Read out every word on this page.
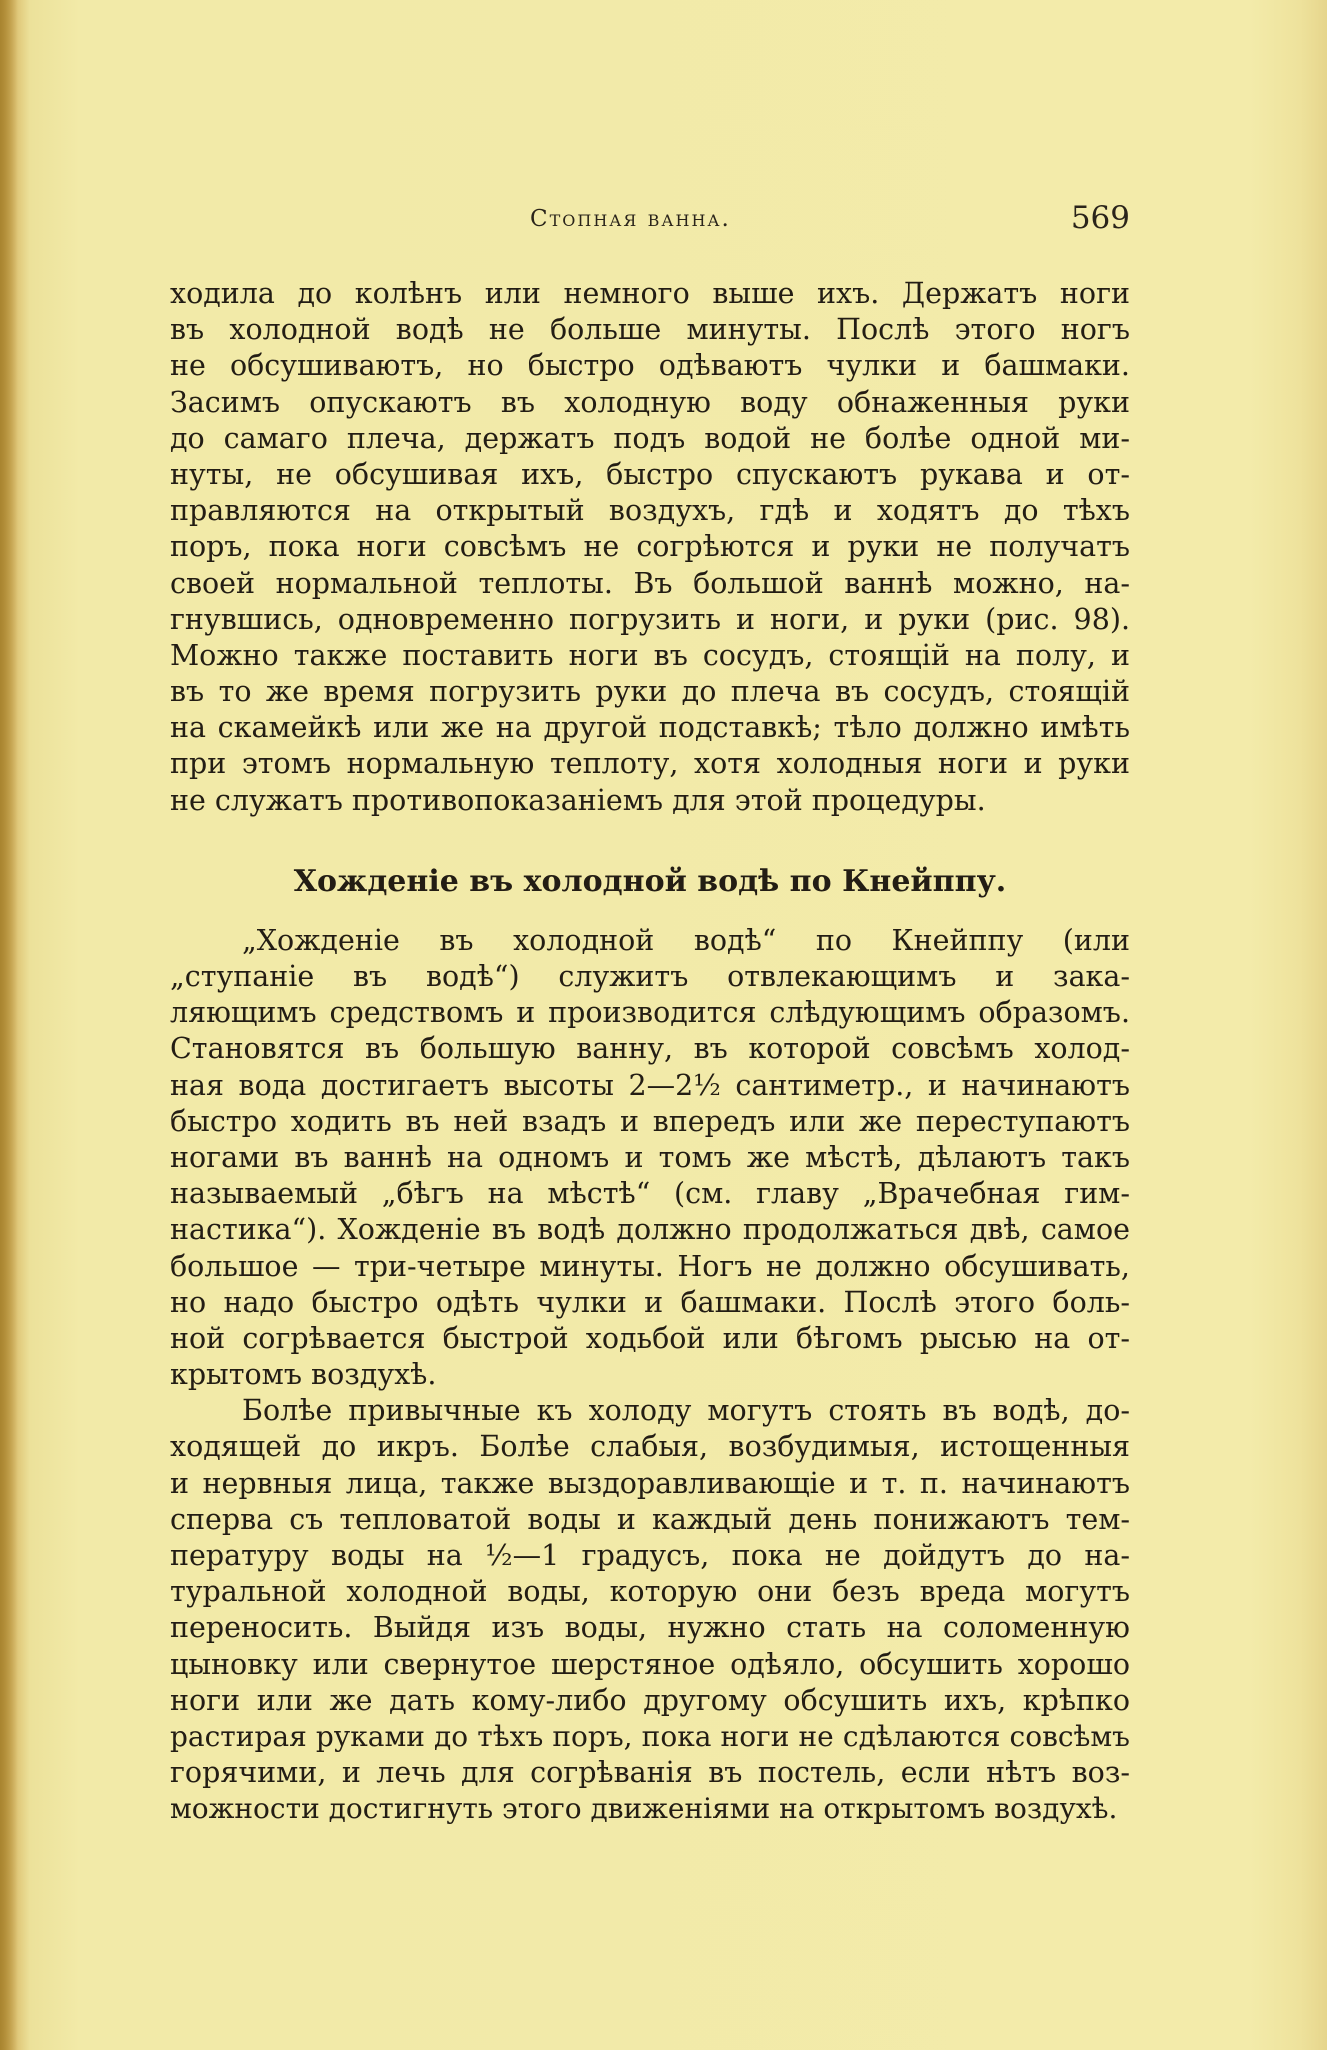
Стопная ванна.	569
ходила до колѣнъ или немного выше ихъ. Держатъ ноги
въ холодной водѣ не больше минуты. Послѣ этого ногъ
не обсушиваютъ, но быстро одѣваютъ чулки и башмаки.
Засимъ опускаютъ въ холодную воду обнаженныя руки
до самаго плеча, держатъ подъ водой не болѣе одной ми-
нуты, не обсушивая ихъ, быстро спускаютъ рукава и от-
правляются на открытый воздухъ, гдѣ и ходятъ до тѣхъ
поръ, пока ноги совсѣмъ не согрѣются и руки не получатъ
своей нормальной теплоты. Въ большой ваннѣ можно, на-
гнувшись, одновременно погрузить и ноги, и руки (рис. 98).
Можно также поставить ноги въ сосудъ, стоящій на полу, и
въ то же время погрузить руки до плеча въ сосудъ, стоящій
на скамейкѣ или же на другой подставкѣ; тѣло должно имѣть
при этомъ нормальную теплоту, хотя холодныя ноги и руки
не служатъ противопоказаніемъ для этой процедуры.
Хожденіе въ холодной водѣ по Кнейппу.
„Хожденіе въ холодной водѣ“ по Кнейппу (или
„ступаніе въ водѣ“) служитъ отвлекающимъ и зака-
ляющимъ средствомъ и производится слѣдующимъ образомъ.
Становятся въ большую ванну, въ которой совсѣмъ холод-
ная вода достигаетъ высоты 2—2½ сантиметр., и начинаютъ
быстро ходить въ ней взадъ и впередъ или же переступаютъ
ногами въ ваннѣ на одномъ и томъ же мѣстѣ, дѣлаютъ такъ
называемый „бѣгъ на мѣстѣ“ (см. главу „Врачебная гим-
настика“). Хожденіе въ водѣ должно продолжаться двѣ, самое
большое — три-четыре минуты. Ногъ не должно обсушивать,
но надо быстро одѣть чулки и башмаки. Послѣ этого боль-
ной согрѣвается быстрой ходьбой или бѣгомъ рысью на от-
крытомъ воздухѣ.
Болѣе привычные къ холоду могутъ стоять въ водѣ, до-
ходящей до икръ. Болѣе слабыя, возбудимыя, истощенныя
и нервныя лица, также выздоравливающіе и т. п. начинаютъ
сперва съ тепловатой воды и каждый день понижаютъ тем-
пературу воды на ½—1 градусъ, пока не дойдутъ до на-
туральной холодной воды, которую они безъ вреда могутъ
переносить. Выйдя изъ воды, нужно стать на соломенную
цыновку или свернутое шерстяное одѣяло, обсушить хорошо
ноги или же дать кому-либо другому обсушить ихъ, крѣпко
растирая руками до тѣхъ поръ, пока ноги не сдѣлаются совсѣмъ
горячими, и лечь для согрѣванія въ постель, если нѣтъ воз-
можности достигнуть этого движеніями на открытомъ воздухѣ.
